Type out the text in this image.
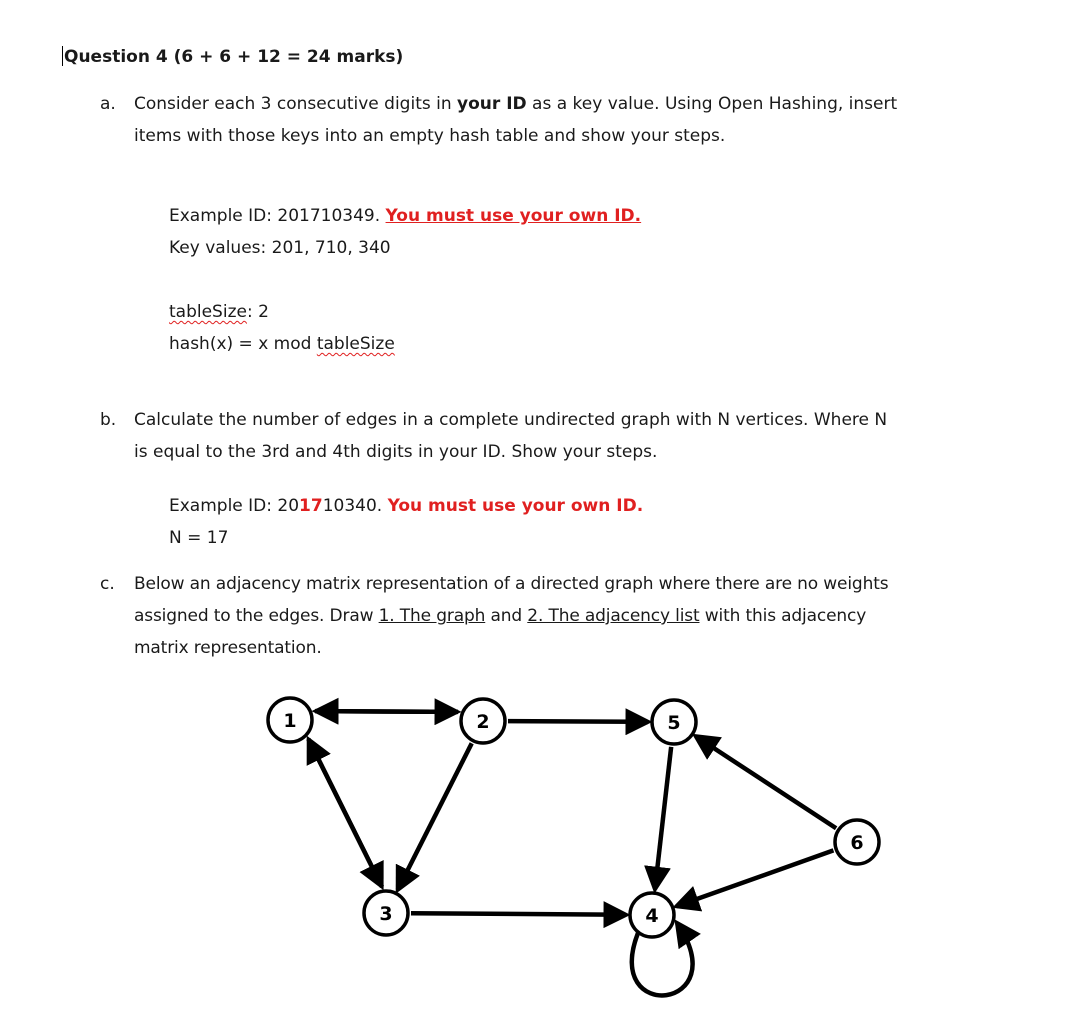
Question 4 (6 + 6 + 12 = 24 marks)
a. Consider each 3 consecutive digits in your ID as a key value. Using Open Hashing, insert
items with those keys into an empty hash table and show your steps.
Example ID: 201710349. You must use your own ID.
Key values: 201, 710, 340
tableSize: 2
hash(x) = x mod tableSize
b. Calculate the number of edges in a complete undirected graph with N vertices. Where N
is equal to the 3rd and 4th digits in your ID. Show your steps.
Example ID: 201710340. You must use your own ID.
N = 17
c. Below an adjacency matrix representation of a directed graph where there are no weights
assigned to the edges. Draw 1. The graph and 2. The adjacency list with this adjacency
matrix representation.
1	2
3	4
5
6
